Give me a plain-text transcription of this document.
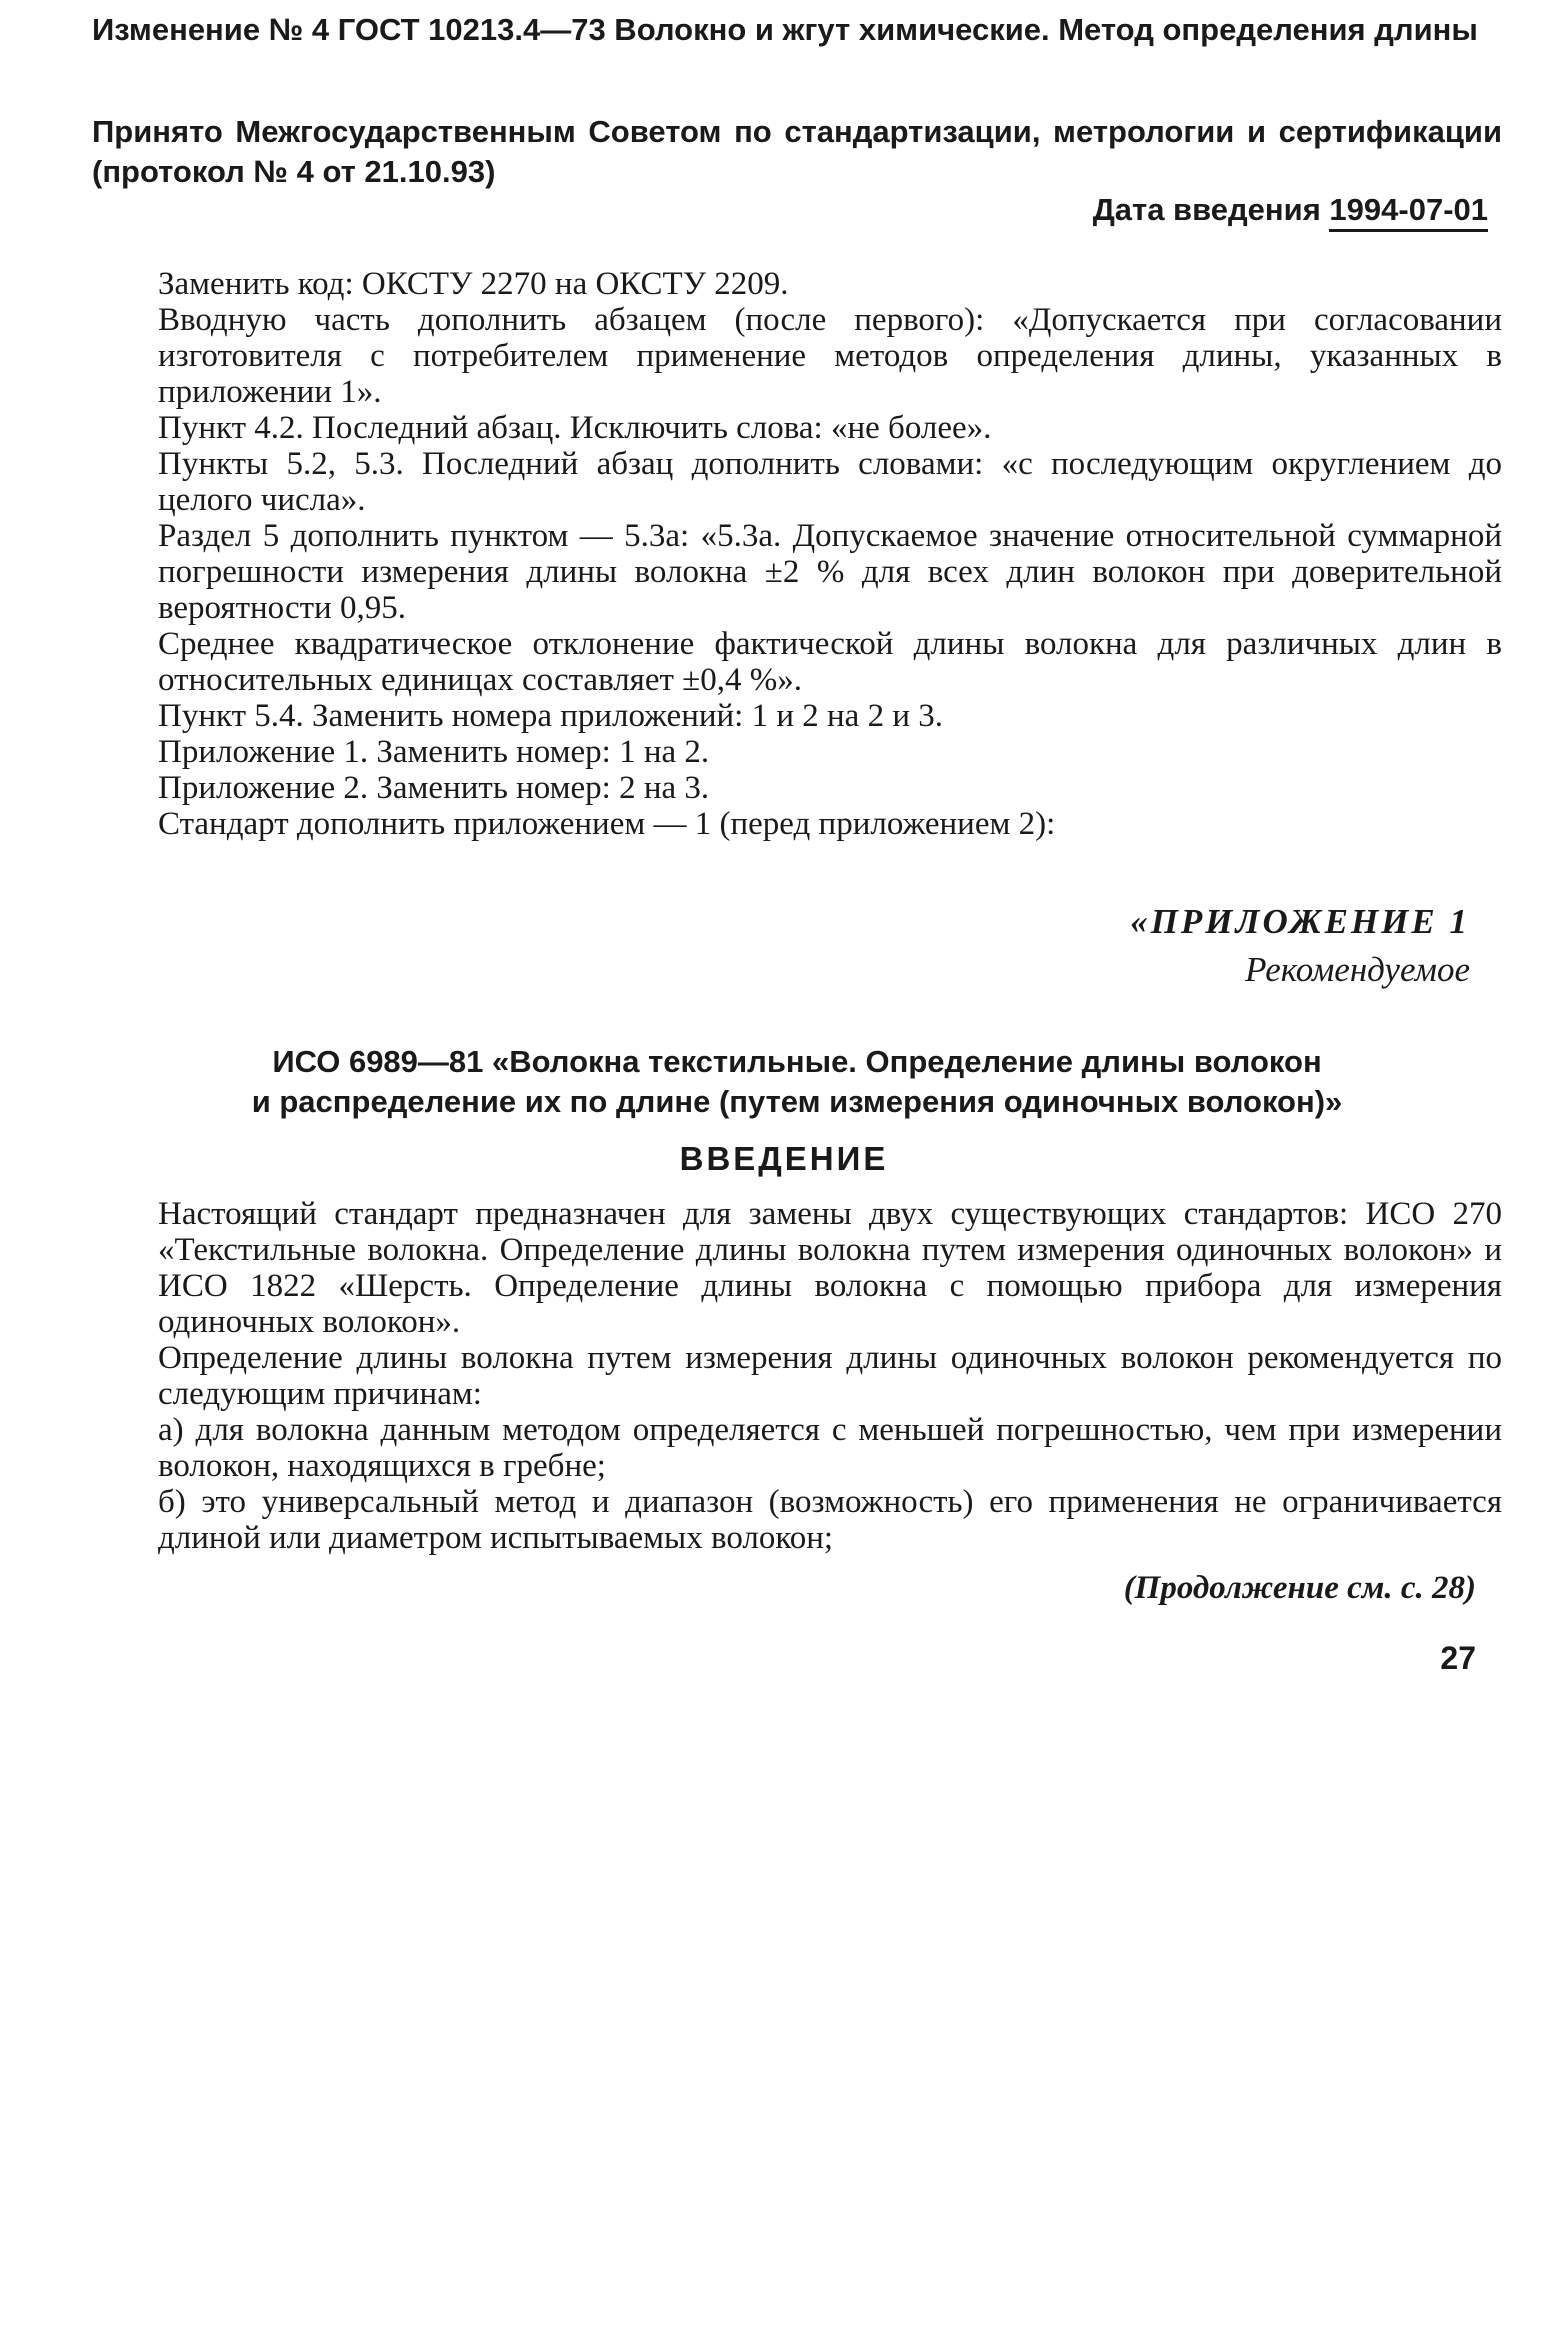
Изменение № 4 ГОСТ 10213.4—73 Волокно и жгут химические. Метод определения длины
Принято Межгосударственным Советом по стандартизации, метрологии и сертификации (протокол № 4 от 21.10.93)
Дата введения 1994-07-01

Заменить код: ОКСТУ 2270 на ОКСТУ 2209.

Вводную часть дополнить абзацем (после первого): «Допускается при согласовании изготовителя с потребителем применение методов определения длины, указанных в приложении 1».

Пункт 4.2. Последний абзац. Исключить слова: «не более».

Пункты 5.2, 5.3. Последний абзац дополнить словами: «с последующим округлением до целого числа».

Раздел 5 дополнить пунктом — 5.3а: «5.3а. Допускаемое значение относительной суммарной погрешности измерения длины волокна ±2 % для всех длин волокон при доверительной вероятности 0,95.

Среднее квадратическое отклонение фактической длины волокна для различных длин в относительных единицах составляет ±0,4 %».

Пункт 5.4. Заменить номера приложений: 1 и 2 на 2 и 3.

Приложение 1. Заменить номер: 1 на 2.

Приложение 2. Заменить номер: 2 на 3.

Стандарт дополнить приложением — 1 (перед приложением 2):

«ПРИЛОЖЕНИЕ 1
Рекомендуемое
ИСО 6989—81 «Волокна текстильные. Определение длины волокон
и распределение их по длине (путем измерения одиночных волокон)»
ВВЕДЕНИЕ

Настоящий стандарт предназначен для замены двух существующих стандартов: ИСО 270 «Текстильные волокна. Определение длины волокна путем измерения одиночных волокон» и ИСО 1822 «Шерсть. Определение длины волокна с помощью прибора для измерения одиночных волокон».

Определение длины волокна путем измерения длины одиночных волокон рекомендуется по следующим причинам:

а) для волокна данным методом определяется с меньшей погрешностью, чем при измерении волокон, находящихся в гребне;

б) это универсальный метод и диапазон (возможность) его применения не ограничивается длиной или диаметром испытываемых волокон;

(Продолжение см. с. 28)
27
